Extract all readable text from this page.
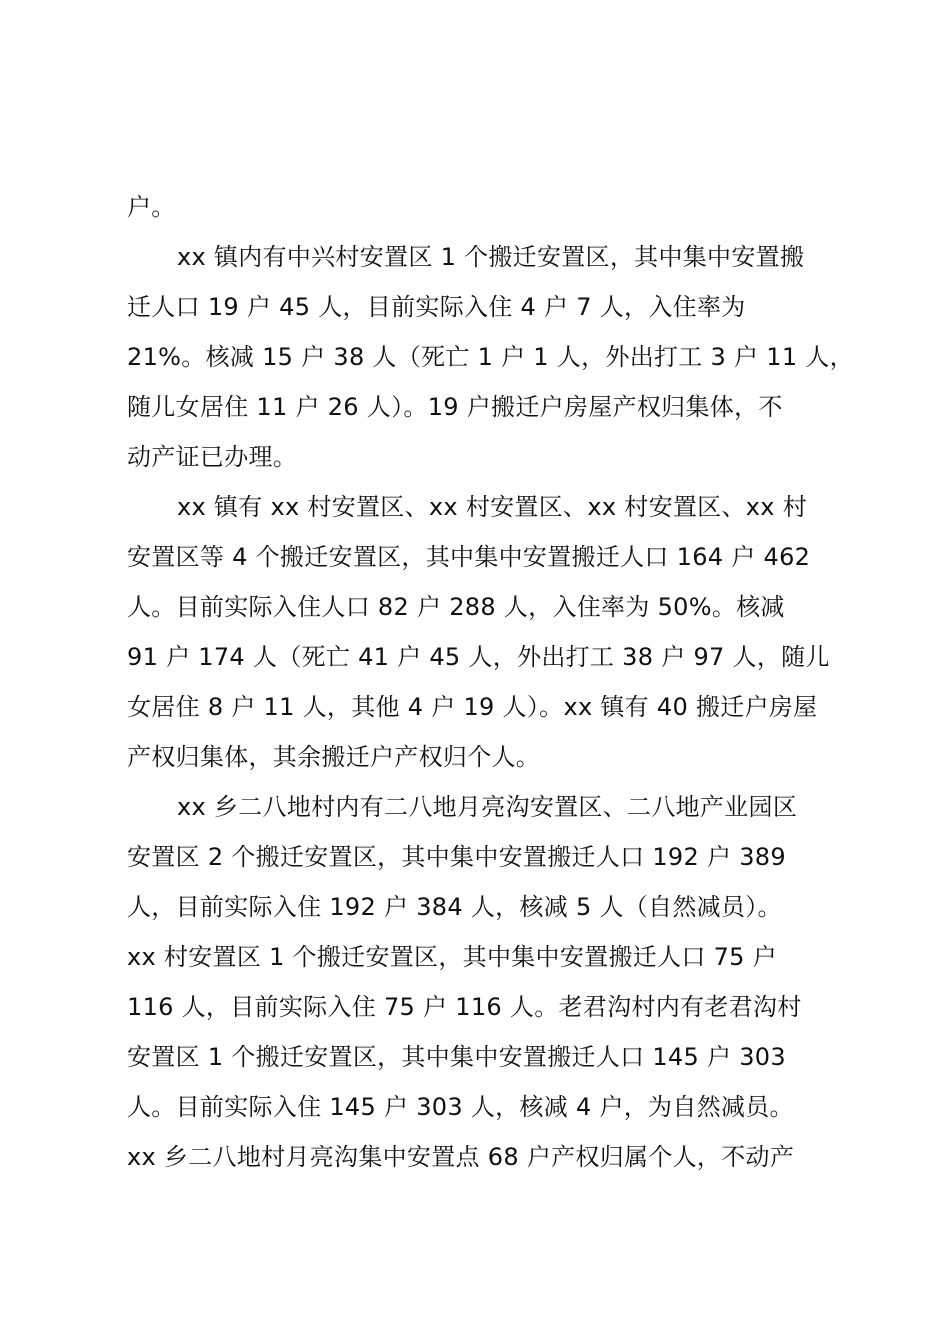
户。
xx 镇内有中兴村安置区 1 个搬迁安置区，其中集中安置搬
迁人口 19 户 45 人，目前实际入住 4 户 7 人，入住率为
21%。核减 15 户 38 人（死亡 1 户 1 人，外出打工 3 户 11 人，
随儿女居住 11 户 26 人）。19 户搬迁户房屋产权归集体，不
动产证已办理。
xx 镇有 xx 村安置区、xx 村安置区、xx 村安置区、xx 村
安置区等 4 个搬迁安置区，其中集中安置搬迁人口 164 户 462
人。目前实际入住人口 82 户 288 人，入住率为 50%。核减
91 户 174 人（死亡 41 户 45 人，外出打工 38 户 97 人，随儿
女居住 8 户 11 人，其他 4 户 19 人）。xx 镇有 40 搬迁户房屋
产权归集体，其余搬迁户产权归个人。
xx 乡二八地村内有二八地月亮沟安置区、二八地产业园区
安置区 2 个搬迁安置区，其中集中安置搬迁人口 192 户 389
人，目前实际入住 192 户 384 人，核减 5 人（自然减员）。
xx 村安置区 1 个搬迁安置区，其中集中安置搬迁人口 75 户
116 人，目前实际入住 75 户 116 人。老君沟村内有老君沟村
安置区 1 个搬迁安置区，其中集中安置搬迁人口 145 户 303
人。目前实际入住 145 户 303 人，核减 4 户，为自然减员。
xx 乡二八地村月亮沟集中安置点 68 户产权归属个人，不动产
